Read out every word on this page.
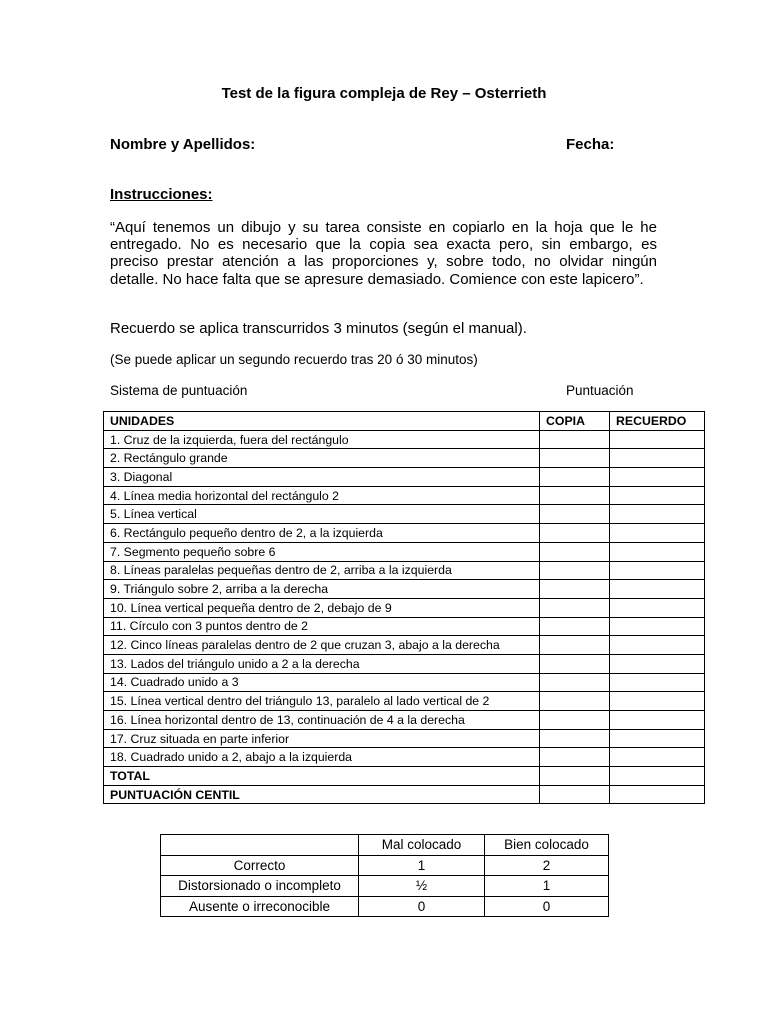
Test de la figura compleja de Rey – Osterrieth
Nombre y Apellidos:	Fecha:
Instrucciones:
“Aquí tenemos un dibujo y su tarea consiste en copiarlo en la hoja que le he entregado. No es necesario que la copia sea exacta pero, sin embargo, es preciso prestar atención a las proporciones y, sobre todo, no olvidar ningún detalle. No hace falta que se apresure demasiado. Comience con este lapicero”.
Recuerdo se aplica transcurridos 3 minutos (según el manual).
(Se puede aplicar un segundo recuerdo tras 20 ó 30 minutos)
Sistema de puntuación	Puntuación
UNIDADES	COPIA	RECUERDO
1. Cruz de la izquierda, fuera del rectángulo		
2. Rectángulo grande		
3. Diagonal		
4. Línea media horizontal del rectángulo 2		
5. Línea vertical		
6. Rectángulo pequeño dentro de 2, a la izquierda		
7. Segmento pequeño sobre 6		
8. Líneas paralelas pequeñas dentro de 2, arriba a la izquierda		
9. Triángulo sobre 2, arriba a la derecha		
10. Línea vertical pequeña dentro de 2, debajo de 9		
11. Círculo con 3 puntos dentro de 2		
12. Cinco líneas paralelas dentro de 2 que cruzan 3, abajo a la derecha		
13. Lados del triángulo unido a 2 a la derecha		
14. Cuadrado unido a 3		
15. Línea vertical dentro del triángulo 13, paralelo al lado vertical de 2		
16. Línea horizontal dentro de 13, continuación de 4 a la derecha		
17. Cruz situada en parte inferior		
18. Cuadrado unido a 2, abajo a la izquierda		
TOTAL		
PUNTUACIÓN CENTIL		
	Mal colocado	Bien colocado
Correcto	1	2
Distorsionado o incompleto	½	1
Ausente o irreconocible	0	0
